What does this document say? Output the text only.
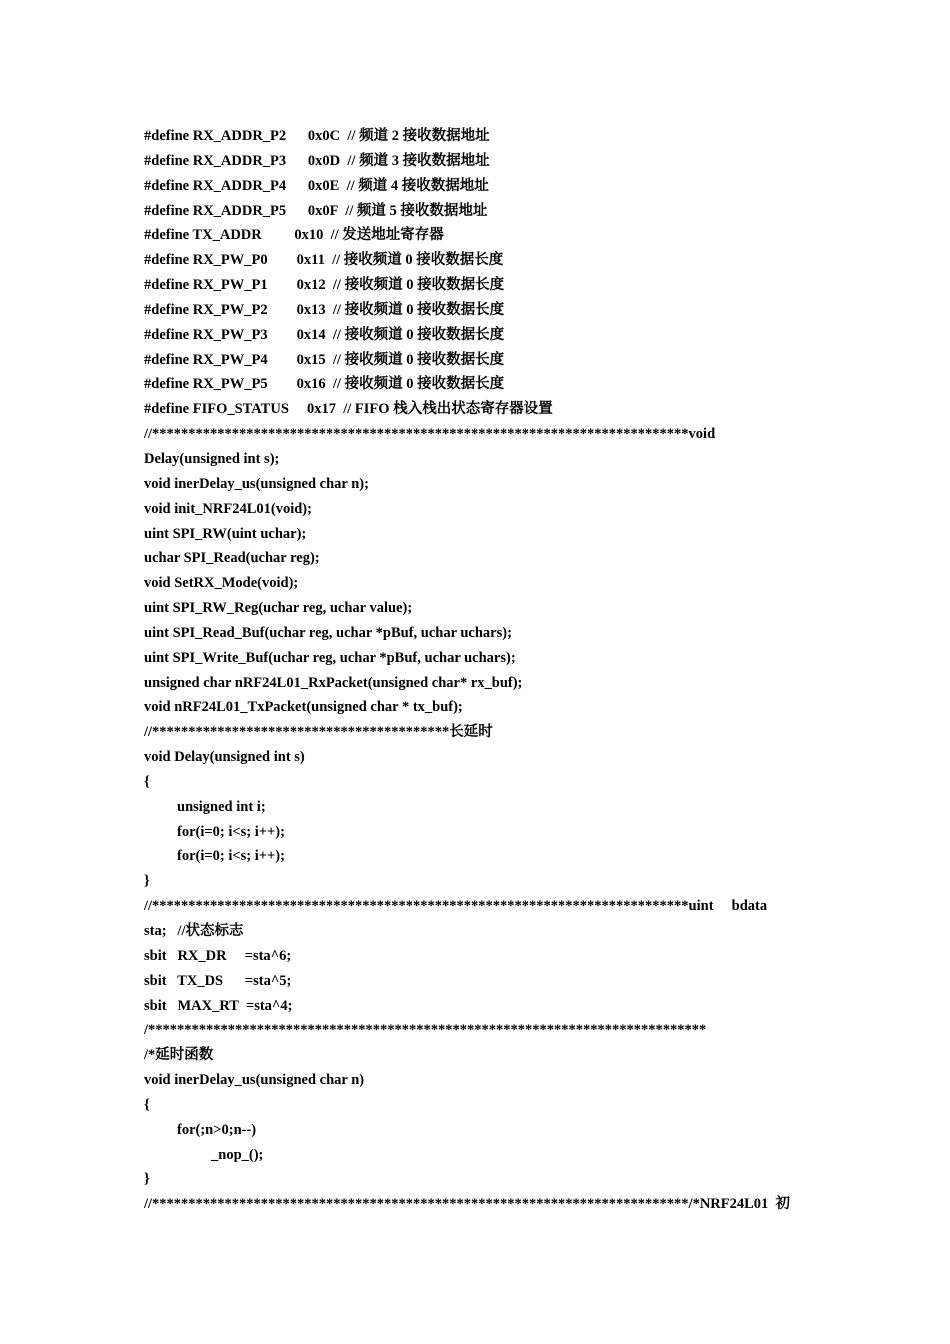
#define RX_ADDR_P2      0x0C  // 频道 2 接收数据地址
#define RX_ADDR_P3      0x0D  // 频道 3 接收数据地址
#define RX_ADDR_P4      0x0E  // 频道 4 接收数据地址
#define RX_ADDR_P5      0x0F  // 频道 5 接收数据地址
#define TX_ADDR         0x10  // 发送地址寄存器
#define RX_PW_P0        0x11  // 接收频道 0 接收数据长度
#define RX_PW_P1        0x12  // 接收频道 0 接收数据长度
#define RX_PW_P2        0x13  // 接收频道 0 接收数据长度
#define RX_PW_P3        0x14  // 接收频道 0 接收数据长度
#define RX_PW_P4        0x15  // 接收频道 0 接收数据长度
#define RX_PW_P5        0x16  // 接收频道 0 接收数据长度
#define FIFO_STATUS     0x17  // FIFO 栈入栈出状态寄存器设置
//**************************************************************************void
Delay(unsigned int s);
void inerDelay_us(unsigned char n);
void init_NRF24L01(void);
uint SPI_RW(uint uchar);
uchar SPI_Read(uchar reg);
void SetRX_Mode(void);
uint SPI_RW_Reg(uchar reg, uchar value);
uint SPI_Read_Buf(uchar reg, uchar *pBuf, uchar uchars);
uint SPI_Write_Buf(uchar reg, uchar *pBuf, uchar uchars);
unsigned char nRF24L01_RxPacket(unsigned char* rx_buf);
void nRF24L01_TxPacket(unsigned char * tx_buf);
//*****************************************长延时
void Delay(unsigned int s)
{
unsigned int i;
for(i=0; i<s; i++);
for(i=0; i<s; i++);
}
//**************************************************************************uint     bdata
sta;   //状态标志
sbit   RX_DR     =sta^6;
sbit   TX_DS      =sta^5;
sbit   MAX_RT  =sta^4;
/*****************************************************************************
/*延时函数
void inerDelay_us(unsigned char n)
{
for(;n>0;n--)
_nop_();
}
//**************************************************************************/*NRF24L01  初
